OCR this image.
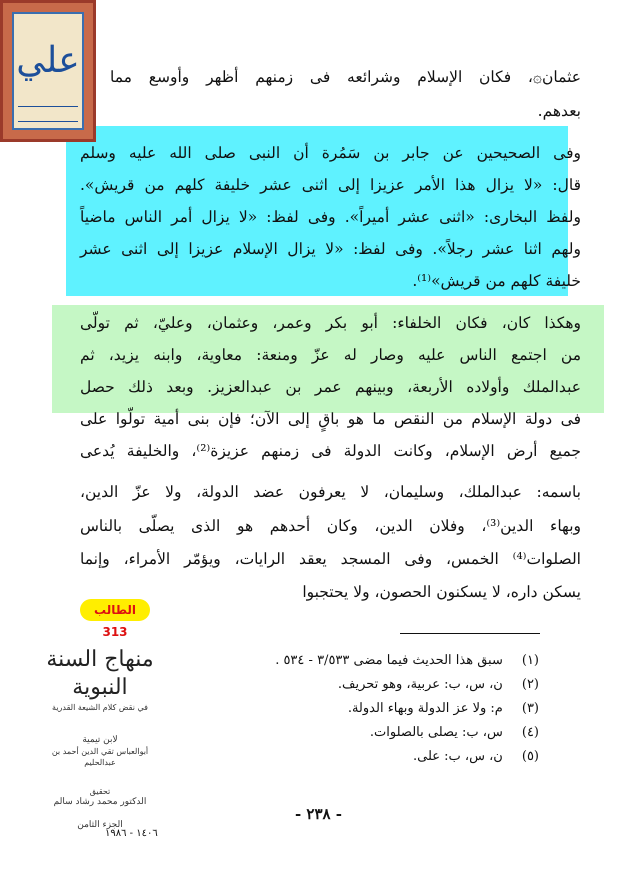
علي عثمان۞، فكان الإسلام وشرائعه فى زمنهم أظهر وأوسع مما
بعدهم.
وفى الصحيحين عن جابر بن سَمُرة أن النبى صلى الله عليه وسلم
قال: «لا يزال هذا الأمر عزيزا إلى اثنى عشر خليفة كلهم من قريش».
ولفظ البخارى: «اثنى عشر أميراً». وفى لفظ: «لا يزال أمر الناس ماضياً
ولهم اثنا عشر رجلاً». وفى لفظ: «لا يزال الإسلام عزيزا إلى اثنى عشر
خليفة كلهم من قريش»⁽¹⁾.
وهكذا كان، فكان الخلفاء: أبو بكر وعمر، وعثمان، وعليّ، ثم تولّى
من اجتمع الناس عليه وصار له عزّ ومنعة: معاوية، وابنه يزيد، ثم
عبدالملك وأولاده الأربعة، وبينهم عمر بن عبدالعزيز. وبعد ذلك حصل
فى دولة الإسلام من النقص ما هو باقٍ إلى الآن؛ فإن بنى أمية تولّوا على
جميع أرض الإسلام، وكانت الدولة فى زمنهم عزيزة⁽²⁾، والخليفة يُدعى
باسمه: عبدالملك، وسليمان، لا يعرفون عضد الدولة، ولا عزّ الدين،
وبهاء الدين⁽³⁾، وفلان الدين، وكان أحدهم هو الذى يصلّى بالناس
الصلوات⁽⁴⁾ الخمس، وفى المسجد يعقد الرايات، ويؤمّر الأمراء، وإنما
يسكن داره، لا يسكنون الحصون، ولا يحتجبوا
الطالب 313
(١) سبق هذا الحديث فيما مضى ٣/٥٣٣ - ٥٣٤ .
(٢) ن، س، ب: عربية، وهو تحريف.
(٣) م: ولا عز الدولة وبهاء الدولة.
(٤) س، ب: يصلى بالصلوات.
(٥) ن، س، ب: على.
منهاج السنة النبوية
في نقض كلام الشيعة القدرية
لابن تيمية
أبوالعباس تقي الدين أحمد بن عبدالحليم
تحقيق
الدكتور محمد رشاد سالم
الجزء الثامن
- ٢٣٨ -
١٤٠٦ - ١٩٨٦
